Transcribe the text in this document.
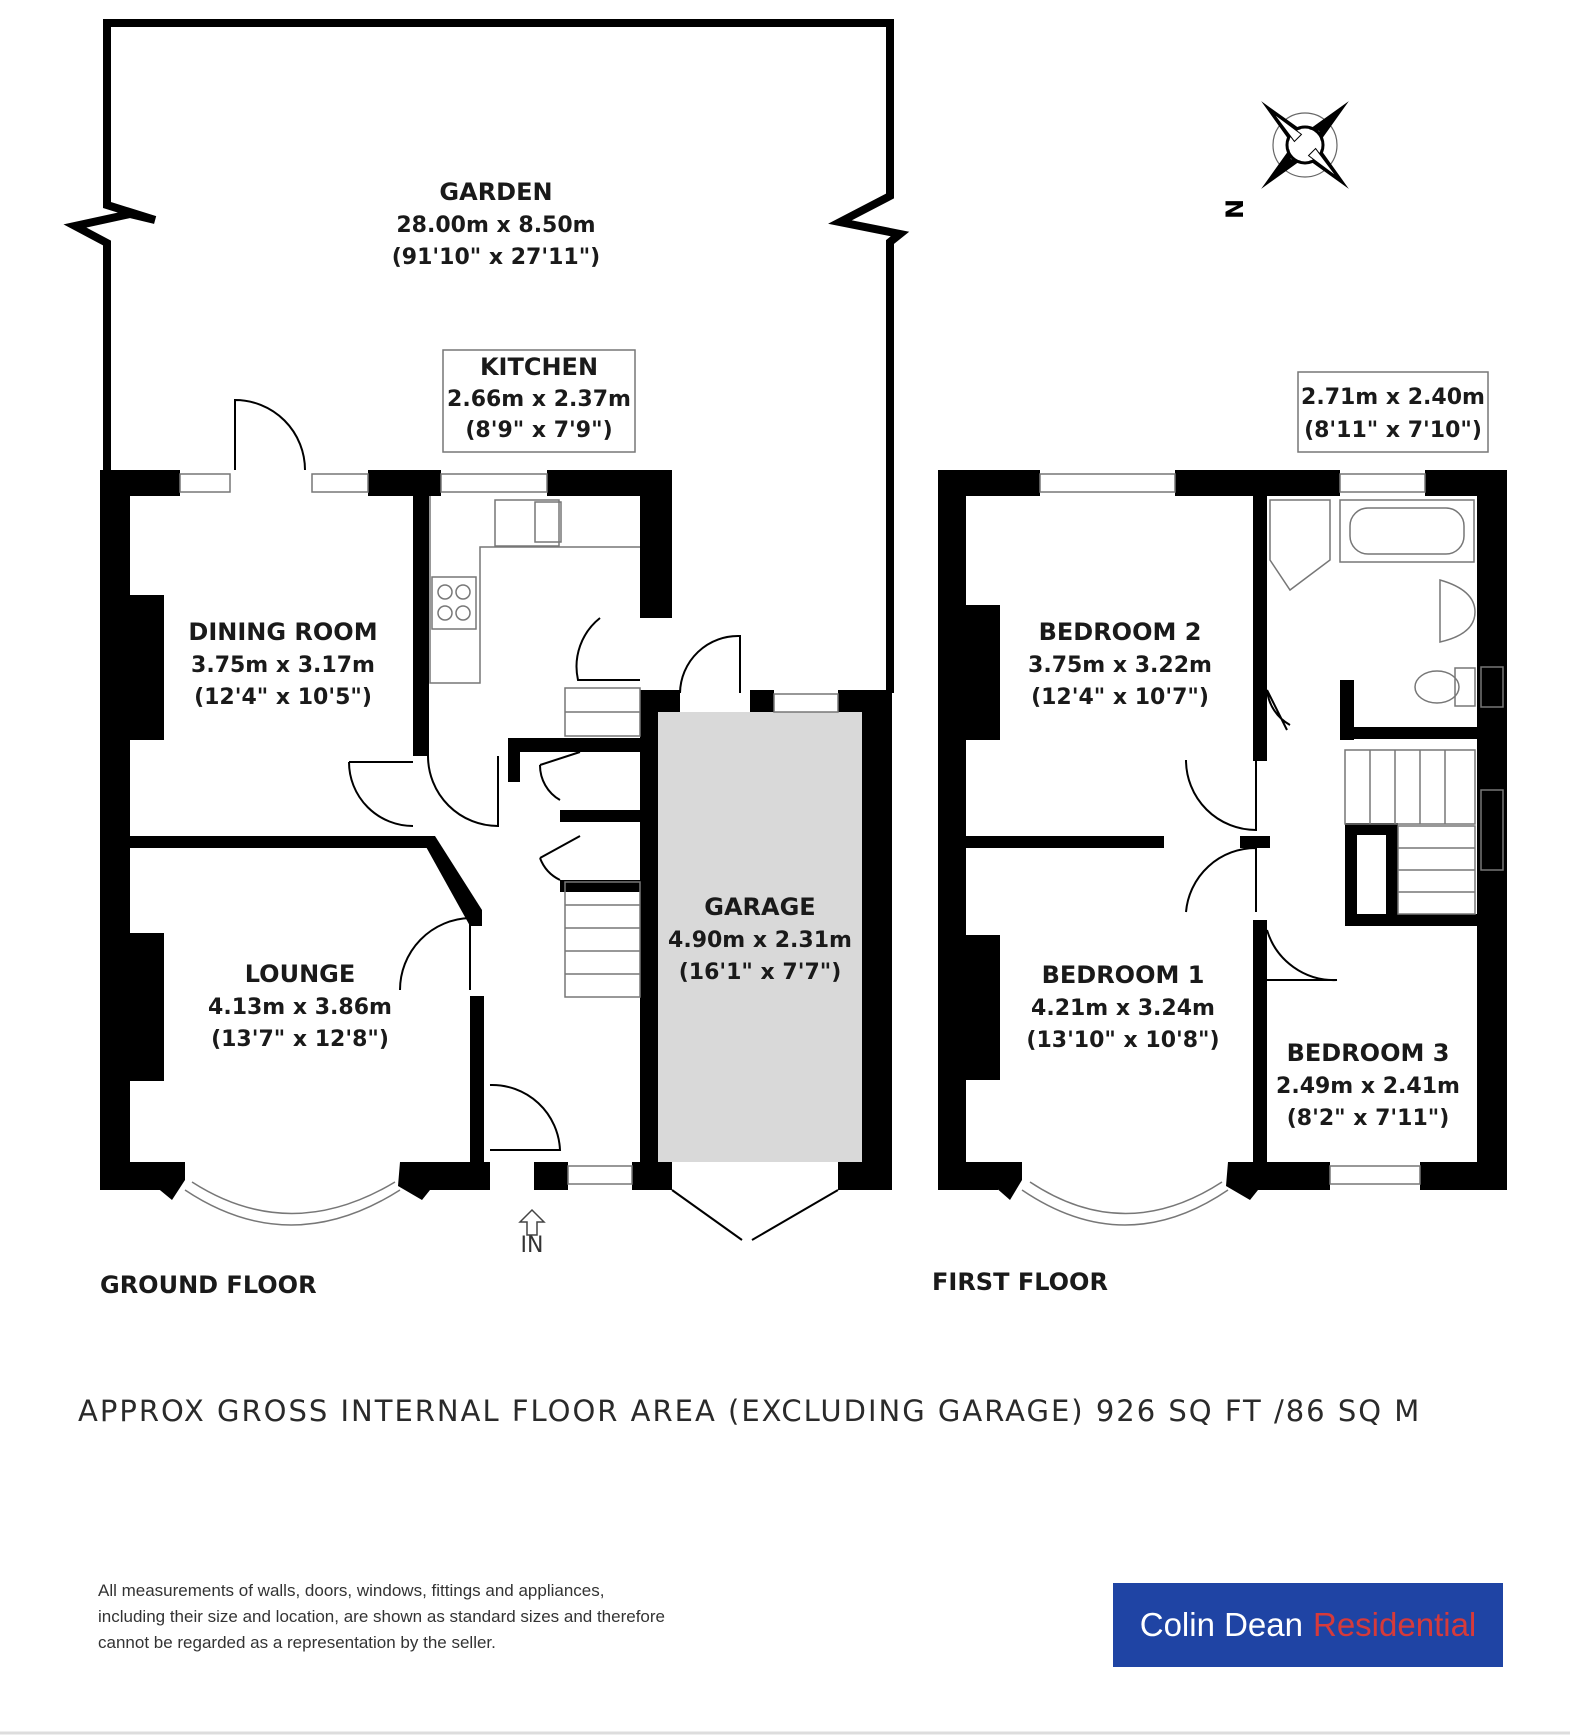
GARDEN
28.00m x 8.50m
(91'10" x 27'11")
KITCHEN
2.66m x 2.37m
(8'9" x 7'9")
DINING ROOM
3.75m x 3.17m
(12'4" x 10'5")
LOUNGE
4.13m x 3.86m
(13'7" x 12'8")
GARAGE
4.90m x 2.31m
(16'1" x 7'7")
IN
GROUND FLOOR
2.71m x 2.40m
(8'11" x 7'10")
BEDROOM 2
3.75m x 3.22m
(12'4" x 10'7")
BEDROOM 1
4.21m x 3.24m
(13'10" x 10'8")	BEDROOM 3
2.49m x 2.41m
(8'2" x 7'11")
FIRST FLOOR
N
APPROX GROSS INTERNAL FLOOR AREA (EXCLUDING GARAGE) 926 SQ FT /86 SQ M
All measurements of walls, doors, windows, fittings and appliances,
including their size and location, are shown as standard sizes and therefore
cannot be regarded as a representation by the seller.	Colin Dean Residential
